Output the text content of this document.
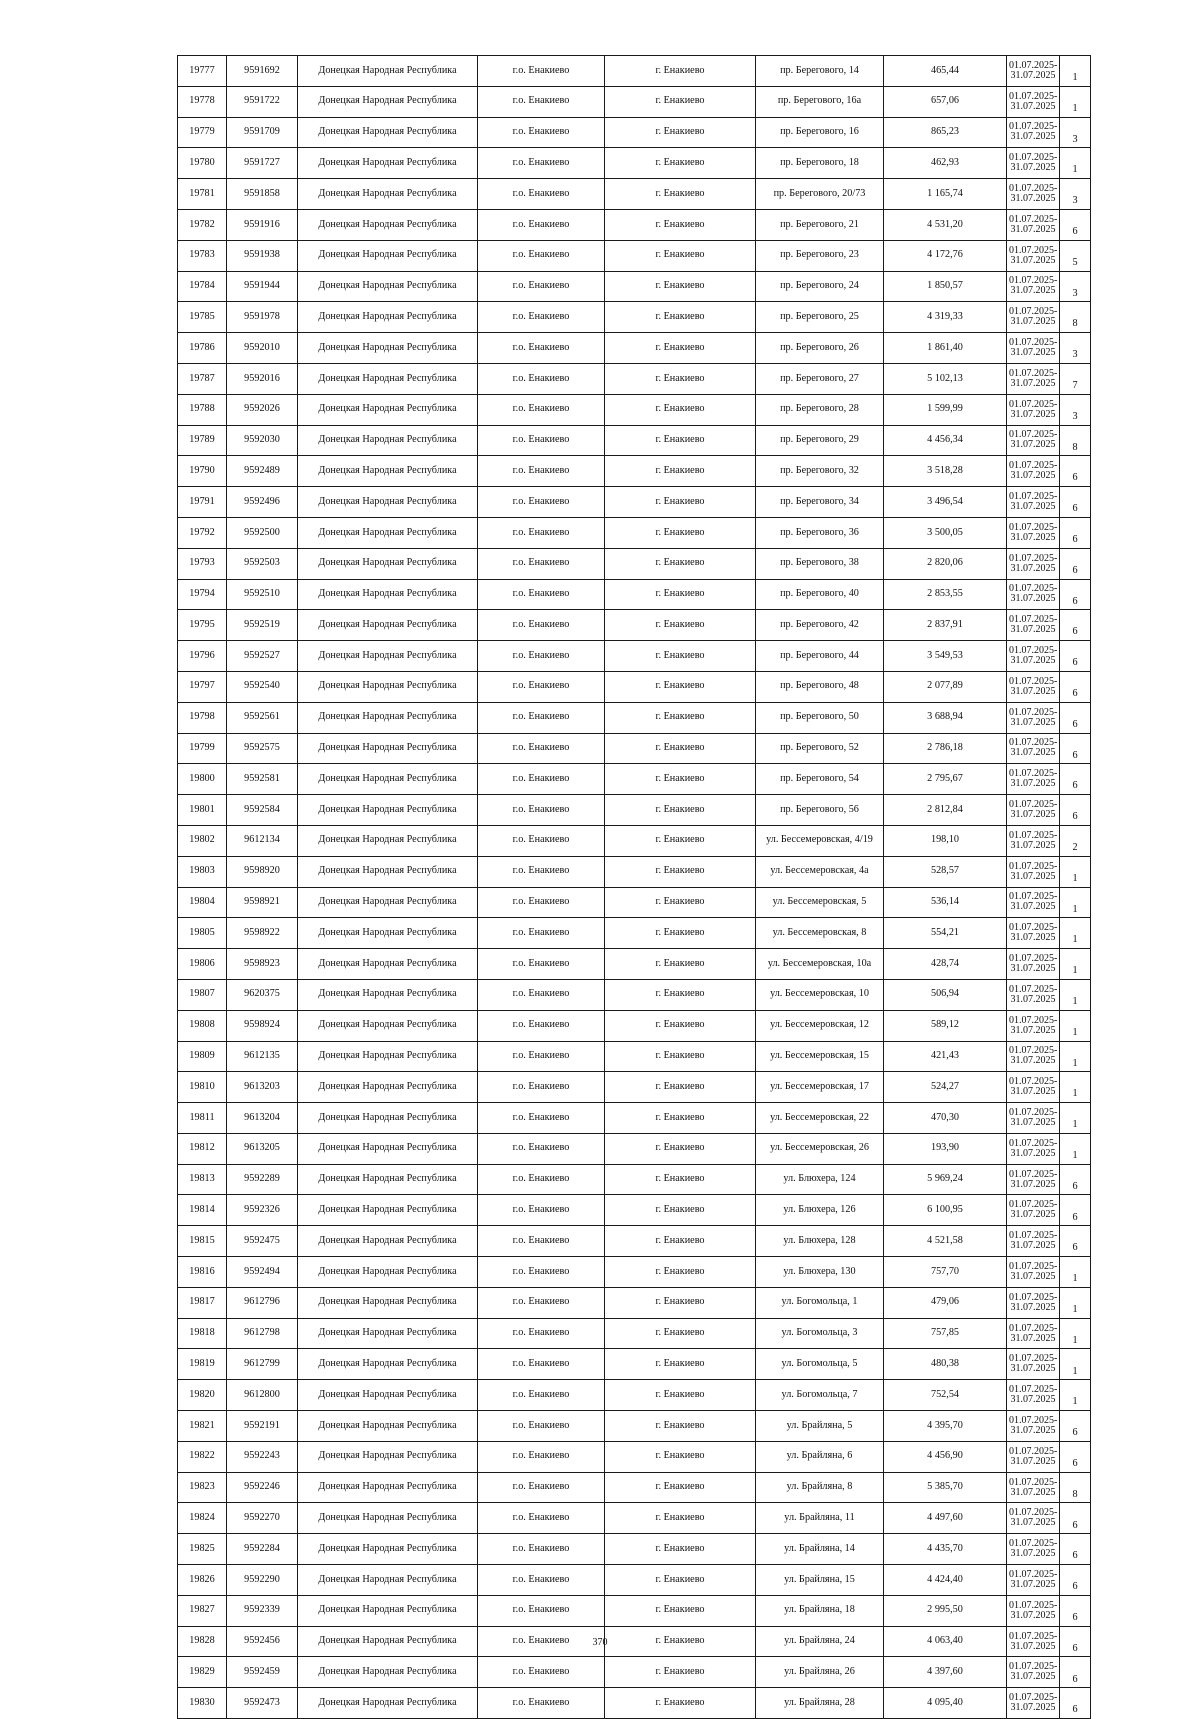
19777	9591692	Донецкая Народная Республика	г.о. Енакиево	г. Енакиево	пр. Берегового, 14	465,44	01.07.2025- 31.07.2025	1
19778	9591722	Донецкая Народная Республика	г.о. Енакиево	г. Енакиево	пр. Берегового, 16а	657,06	01.07.2025- 31.07.2025	1
19779	9591709	Донецкая Народная Республика	г.о. Енакиево	г. Енакиево	пр. Берегового, 16	865,23	01.07.2025- 31.07.2025	3
19780	9591727	Донецкая Народная Республика	г.о. Енакиево	г. Енакиево	пр. Берегового, 18	462,93	01.07.2025- 31.07.2025	1
19781	9591858	Донецкая Народная Республика	г.о. Енакиево	г. Енакиево	пр. Берегового, 20/73	1 165,74	01.07.2025- 31.07.2025	3
19782	9591916	Донецкая Народная Республика	г.о. Енакиево	г. Енакиево	пр. Берегового, 21	4 531,20	01.07.2025- 31.07.2025	6
19783	9591938	Донецкая Народная Республика	г.о. Енакиево	г. Енакиево	пр. Берегового, 23	4 172,76	01.07.2025- 31.07.2025	5
19784	9591944	Донецкая Народная Республика	г.о. Енакиево	г. Енакиево	пр. Берегового, 24	1 850,57	01.07.2025- 31.07.2025	3
19785	9591978	Донецкая Народная Республика	г.о. Енакиево	г. Енакиево	пр. Берегового, 25	4 319,33	01.07.2025- 31.07.2025	8
19786	9592010	Донецкая Народная Республика	г.о. Енакиево	г. Енакиево	пр. Берегового, 26	1 861,40	01.07.2025- 31.07.2025	3
19787	9592016	Донецкая Народная Республика	г.о. Енакиево	г. Енакиево	пр. Берегового, 27	5 102,13	01.07.2025- 31.07.2025	7
19788	9592026	Донецкая Народная Республика	г.о. Енакиево	г. Енакиево	пр. Берегового, 28	1 599,99	01.07.2025- 31.07.2025	3
19789	9592030	Донецкая Народная Республика	г.о. Енакиево	г. Енакиево	пр. Берегового, 29	4 456,34	01.07.2025- 31.07.2025	8
19790	9592489	Донецкая Народная Республика	г.о. Енакиево	г. Енакиево	пр. Берегового, 32	3 518,28	01.07.2025- 31.07.2025	6
19791	9592496	Донецкая Народная Республика	г.о. Енакиево	г. Енакиево	пр. Берегового, 34	3 496,54	01.07.2025- 31.07.2025	6
19792	9592500	Донецкая Народная Республика	г.о. Енакиево	г. Енакиево	пр. Берегового, 36	3 500,05	01.07.2025- 31.07.2025	6
19793	9592503	Донецкая Народная Республика	г.о. Енакиево	г. Енакиево	пр. Берегового, 38	2 820,06	01.07.2025- 31.07.2025	6
19794	9592510	Донецкая Народная Республика	г.о. Енакиево	г. Енакиево	пр. Берегового, 40	2 853,55	01.07.2025- 31.07.2025	6
19795	9592519	Донецкая Народная Республика	г.о. Енакиево	г. Енакиево	пр. Берегового, 42	2 837,91	01.07.2025- 31.07.2025	6
19796	9592527	Донецкая Народная Республика	г.о. Енакиево	г. Енакиево	пр. Берегового, 44	3 549,53	01.07.2025- 31.07.2025	6
19797	9592540	Донецкая Народная Республика	г.о. Енакиево	г. Енакиево	пр. Берегового, 48	2 077,89	01.07.2025- 31.07.2025	6
19798	9592561	Донецкая Народная Республика	г.о. Енакиево	г. Енакиево	пр. Берегового, 50	3 688,94	01.07.2025- 31.07.2025	6
19799	9592575	Донецкая Народная Республика	г.о. Енакиево	г. Енакиево	пр. Берегового, 52	2 786,18	01.07.2025- 31.07.2025	6
19800	9592581	Донецкая Народная Республика	г.о. Енакиево	г. Енакиево	пр. Берегового, 54	2 795,67	01.07.2025- 31.07.2025	6
19801	9592584	Донецкая Народная Республика	г.о. Енакиево	г. Енакиево	пр. Берегового, 56	2 812,84	01.07.2025- 31.07.2025	6
19802	9612134	Донецкая Народная Республика	г.о. Енакиево	г. Енакиево	ул. Бессемеровская, 4/19	198,10	01.07.2025- 31.07.2025	2
19803	9598920	Донецкая Народная Республика	г.о. Енакиево	г. Енакиево	ул. Бессемеровская, 4а	528,57	01.07.2025- 31.07.2025	1
19804	9598921	Донецкая Народная Республика	г.о. Енакиево	г. Енакиево	ул. Бессемеровская, 5	536,14	01.07.2025- 31.07.2025	1
19805	9598922	Донецкая Народная Республика	г.о. Енакиево	г. Енакиево	ул. Бессемеровская, 8	554,21	01.07.2025- 31.07.2025	1
19806	9598923	Донецкая Народная Республика	г.о. Енакиево	г. Енакиево	ул. Бессемеровская, 10а	428,74	01.07.2025- 31.07.2025	1
19807	9620375	Донецкая Народная Республика	г.о. Енакиево	г. Енакиево	ул. Бессемеровская, 10	506,94	01.07.2025- 31.07.2025	1
19808	9598924	Донецкая Народная Республика	г.о. Енакиево	г. Енакиево	ул. Бессемеровская, 12	589,12	01.07.2025- 31.07.2025	1
19809	9612135	Донецкая Народная Республика	г.о. Енакиево	г. Енакиево	ул. Бессемеровская, 15	421,43	01.07.2025- 31.07.2025	1
19810	9613203	Донецкая Народная Республика	г.о. Енакиево	г. Енакиево	ул. Бессемеровская, 17	524,27	01.07.2025- 31.07.2025	1
19811	9613204	Донецкая Народная Республика	г.о. Енакиево	г. Енакиево	ул. Бессемеровская, 22	470,30	01.07.2025- 31.07.2025	1
19812	9613205	Донецкая Народная Республика	г.о. Енакиево	г. Енакиево	ул. Бессемеровская, 26	193,90	01.07.2025- 31.07.2025	1
19813	9592289	Донецкая Народная Республика	г.о. Енакиево	г. Енакиево	ул. Блюхера, 124	5 969,24	01.07.2025- 31.07.2025	6
19814	9592326	Донецкая Народная Республика	г.о. Енакиево	г. Енакиево	ул. Блюхера, 126	6 100,95	01.07.2025- 31.07.2025	6
19815	9592475	Донецкая Народная Республика	г.о. Енакиево	г. Енакиево	ул. Блюхера, 128	4 521,58	01.07.2025- 31.07.2025	6
19816	9592494	Донецкая Народная Республика	г.о. Енакиево	г. Енакиево	ул. Блюхера, 130	757,70	01.07.2025- 31.07.2025	1
19817	9612796	Донецкая Народная Республика	г.о. Енакиево	г. Енакиево	ул. Богомольца, 1	479,06	01.07.2025- 31.07.2025	1
19818	9612798	Донецкая Народная Республика	г.о. Енакиево	г. Енакиево	ул. Богомольца, 3	757,85	01.07.2025- 31.07.2025	1
19819	9612799	Донецкая Народная Республика	г.о. Енакиево	г. Енакиево	ул. Богомольца, 5	480,38	01.07.2025- 31.07.2025	1
19820	9612800	Донецкая Народная Республика	г.о. Енакиево	г. Енакиево	ул. Богомольца, 7	752,54	01.07.2025- 31.07.2025	1
19821	9592191	Донецкая Народная Республика	г.о. Енакиево	г. Енакиево	ул. Брайляна, 5	4 395,70	01.07.2025- 31.07.2025	6
19822	9592243	Донецкая Народная Республика	г.о. Енакиево	г. Енакиево	ул. Брайляна, 6	4 456,90	01.07.2025- 31.07.2025	6
19823	9592246	Донецкая Народная Республика	г.о. Енакиево	г. Енакиево	ул. Брайляна, 8	5 385,70	01.07.2025- 31.07.2025	8
19824	9592270	Донецкая Народная Республика	г.о. Енакиево	г. Енакиево	ул. Брайляна, 11	4 497,60	01.07.2025- 31.07.2025	6
19825	9592284	Донецкая Народная Республика	г.о. Енакиево	г. Енакиево	ул. Брайляна, 14	4 435,70	01.07.2025- 31.07.2025	6
19826	9592290	Донецкая Народная Республика	г.о. Енакиево	г. Енакиево	ул. Брайляна, 15	4 424,40	01.07.2025- 31.07.2025	6
19827	9592339	Донецкая Народная Республика	г.о. Енакиево	г. Енакиево	ул. Брайляна, 18	2 995,50	01.07.2025- 31.07.2025	6
19828	9592456	Донецкая Народная Республика	г.о. Енакиево	г. Енакиево	ул. Брайляна, 24	4 063,40	01.07.2025- 31.07.2025	6
19829	9592459	Донецкая Народная Республика	г.о. Енакиево	г. Енакиево	ул. Брайляна, 26	4 397,60	01.07.2025- 31.07.2025	6
19830	9592473	Донецкая Народная Республика	г.о. Енакиево	г. Енакиево	ул. Брайляна, 28	4 095,40	01.07.2025- 31.07.2025	6
370
